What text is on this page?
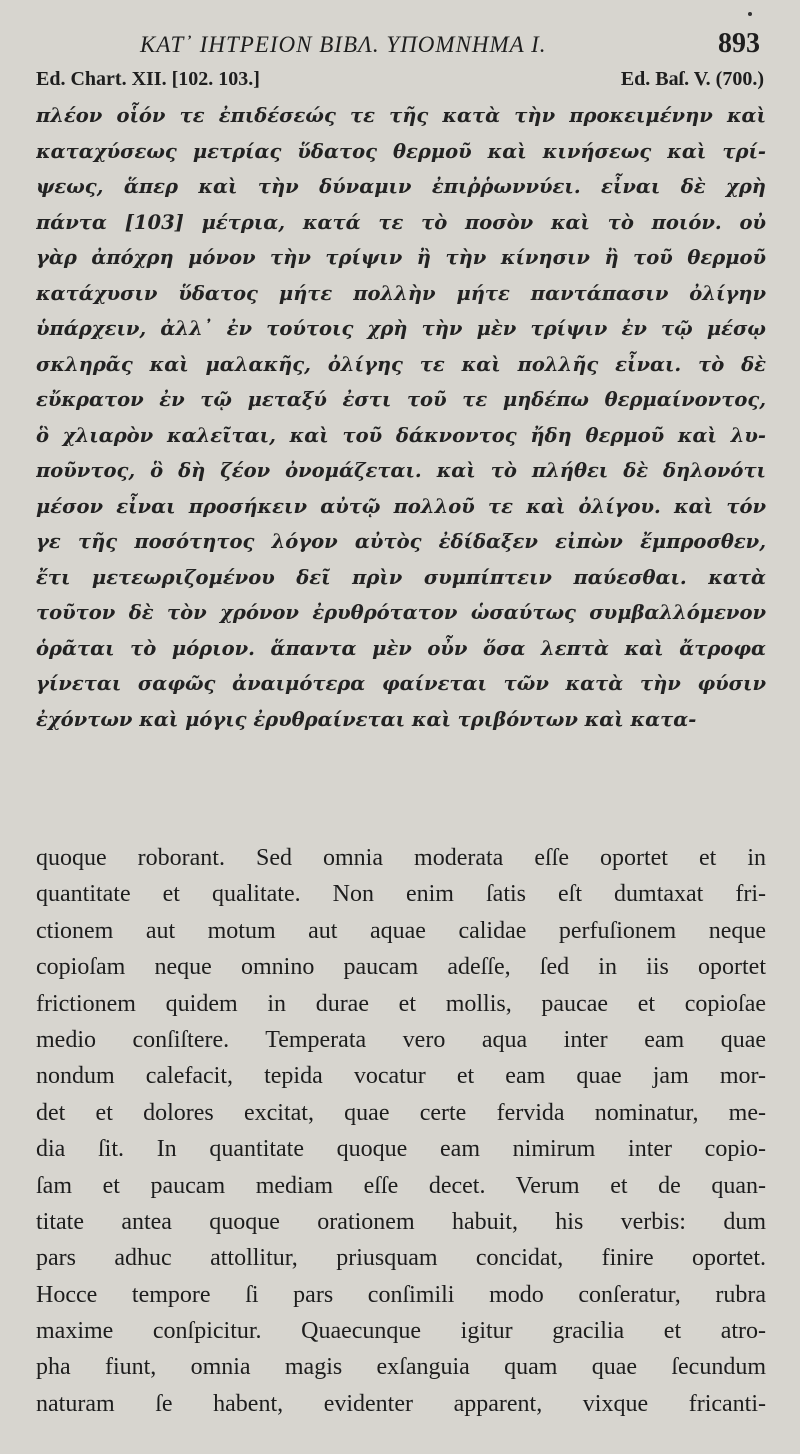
ΚΑΤ᾿ ΙΗΤΡΕΙΟΝ ΒΙΒΛ. ΥΠΟΜΝΗΜΑ Ι.	893
Ed. Chart. XII. [102. 103.]	Ed. Baſ. V. (700.)
πλέον οἷόν τε ἐπιδέσεώς τε τῆς κατὰ τὴν προκειμένην καὶ
καταχύσεως μετρίας ὕδατος θερμοῦ καὶ κινήσεως καὶ τρί-
ψεως, ἅπερ καὶ τὴν δύναμιν ἐπιῤῥωννύει. εἶναι δὲ χρὴ
πάντα [103] μέτρια, κατά τε τὸ ποσὸν καὶ τὸ ποιόν. οὐ
γὰρ ἀπόχρη μόνον τὴν τρίψιν ἢ τὴν κίνησιν ἢ τοῦ θερμοῦ
κατάχυσιν ὕδατος μήτε πολλὴν μήτε παντάπασιν ὀλίγην
ὑπάρχειν, ἀλλ᾿ ἐν τούτοις χρὴ τὴν μὲν τρίψιν ἐν τῷ μέσῳ
σκληρᾶς καὶ μαλακῆς, ὀλίγης τε καὶ πολλῆς εἶναι. τὸ δὲ
εὔκρατον ἐν τῷ μεταξύ ἐστι τοῦ τε μηδέπω θερμαίνοντος,
ὃ χλιαρὸν καλεῖται, καὶ τοῦ δάκνοντος ἤδη θερμοῦ καὶ λυ-
ποῦντος, ὃ δὴ ζέον ὀνομάζεται. καὶ τὸ πλήθει δὲ δηλονότι
μέσον εἶναι προσήκειν αὐτῷ πολλοῦ τε καὶ ὀλίγου. καὶ τόν
γε τῆς ποσότητος λόγον αὐτὸς ἐδίδαξεν εἰπὼν ἔμπροσθεν,
ἔτι μετεωριζομένου δεῖ πρὶν συμπίπτειν παύεσθαι. κατὰ
τοῦτον δὲ τὸν χρόνον ἐρυθρότατον ὡσαύτως συμβαλλόμενον
ὁρᾶται τὸ μόριον. ἅπαντα μὲν οὖν ὅσα λεπτὰ καὶ ἄτροφα
γίνεται σαφῶς ἀναιμότερα φαίνεται τῶν κατὰ τὴν φύσιν
ἐχόντων καὶ μόγις ἐρυθραίνεται καὶ τριβόντων καὶ κατα-
quoque roborant. Sed omnia moderata eſſe oportet et in
quantitate et qualitate. Non enim ſatis eſt dumtaxat fri-
ctionem aut motum aut aquae calidae perfuſionem neque
copioſam neque omnino paucam adeſſe, ſed in iis oportet
frictionem quidem in durae et mollis, paucae et copioſae
medio conſiſtere. Temperata vero aqua inter eam quae
nondum calefacit, tepida vocatur et eam quae jam mor-
det et dolores excitat, quae certe fervida nominatur, me-
dia ſit. In quantitate quoque eam nimirum inter copio-
ſam et paucam mediam eſſe decet. Verum et de quan-
titate antea quoque orationem habuit, his verbis: dum
pars adhuc attollitur, priusquam concidat, finire oportet.
Hocce tempore ſi pars conſimili modo conſeratur, rubra
maxime conſpicitur. Quaecunque igitur gracilia et atro-
pha fiunt, omnia magis exſanguia quam quae ſecundum
naturam ſe habent, evidenter apparent, vixque fricanti-
